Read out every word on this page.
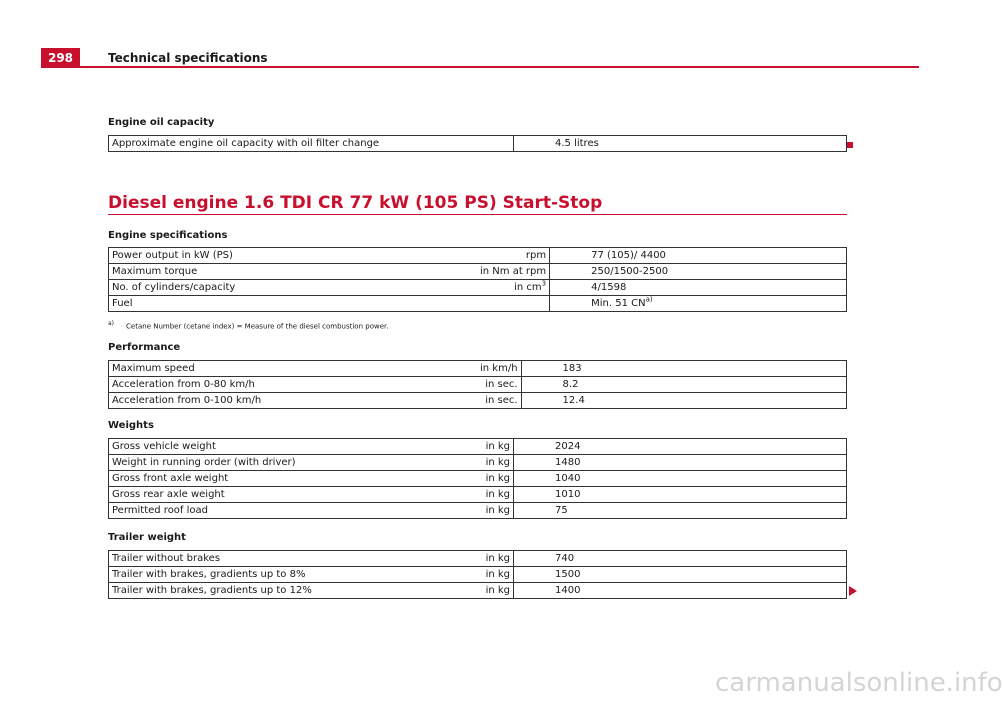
298	Technical specifications
Engine oil capacity
Approximate engine oil capacity with oil filter change		4.5 litres
Diesel engine 1.6 TDI CR 77 kW (105 PS) Start-Stop
Engine specifications
Power output in kW (PS)	rpm	77 (105)/ 4400
Maximum torque	in Nm at rpm	250/1500-2500
No. of cylinders/capacity	in $cm^3$	4/1598
Fuel		Min. 51 CN$^{a)}$
a) Cetane Number (cetane index) = Measure of the diesel combustion power.
Performance
Maximum speed	in km/h	183
Acceleration from 0-80 km/h	in sec.	8.2
Acceleration from 0-100 km/h	in sec.	12.4
Weights
Gross vehicle weight	in kg	2024
Weight in running order (with driver)	in kg	1480
Gross front axle weight	in kg	1040
Gross rear axle weight	in kg	1010
Permitted roof load	in kg	75
Trailer weight
Trailer without brakes	in kg	740
Trailer with brakes, gradients up to 8%	in kg	1500
Trailer with brakes, gradients up to 12%	in kg	1400
carmanualsonline.info
